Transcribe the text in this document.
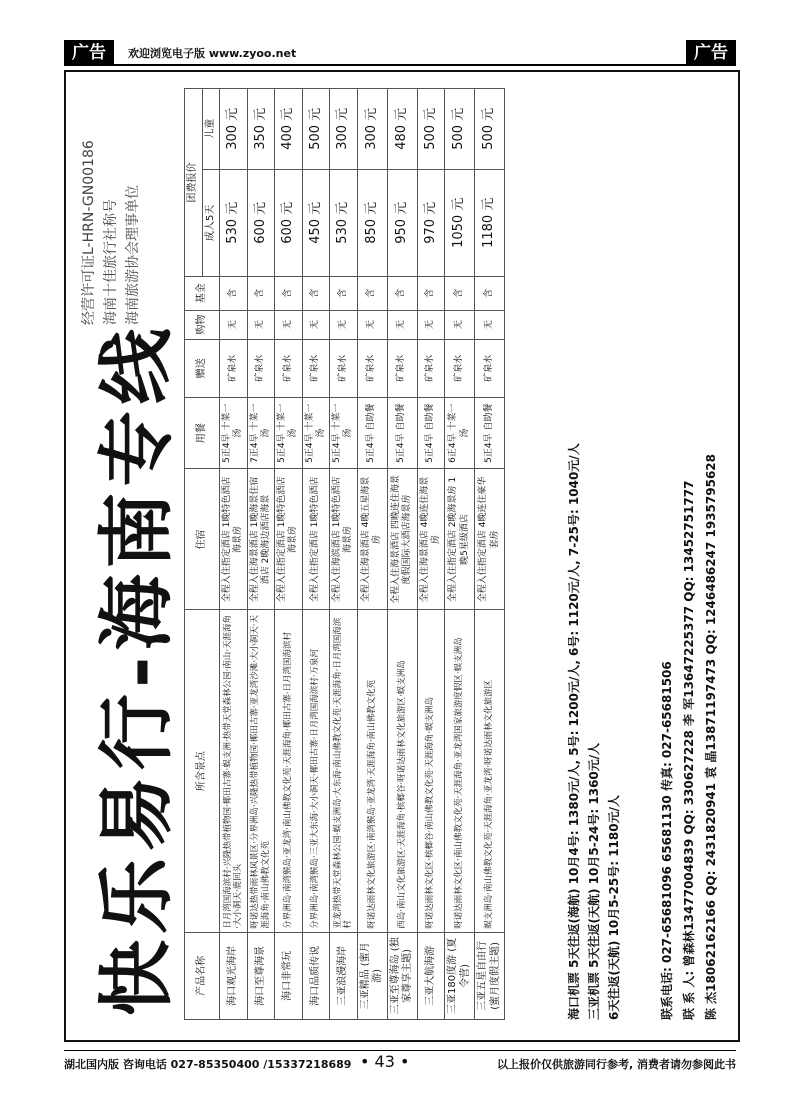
广告	欢迎浏览电子版 www.zyoo.net	广告
快乐易行-海南专线
经营许可证L-HRN-GN00186 海南十佳旅行社称号 海南旅游协会理事单位
产品名称	所含景点	住宿	用餐	赠送	购物	基金	团费报价	
							成人5天	儿童
海口观光海岸	日月湾国海滨村·兴隆热带植物园·椰田古寨·蜈支洲·热带天堂森林公园·南山·天涯海角·大小洞天·鹿回头	全程入住指定酒店 1晚特色酒店海景房	5正4早 十菜一汤	矿泉水	无	含	530 元	300 元
海口至尊海景	呀诺达热带雨林风景区·分界洲岛·兴隆热带植物园·椰田古寨·亚龙湾沙滩·大小洞天·天涯海角·南山佛教文化苑	全程入住海景酒店 1晚海景住宿酒店 2晚海边酒店海景	7正4早 十菜一汤	矿泉水	无	含	600 元	350 元
海口非常玩	分界洲岛·南湾猴岛·亚龙湾·南山佛教文化苑·天涯海角·椰田古寨·日月湾国海滨村	全程入住指定酒店 1晚特色酒店海景房	5正4早 十菜一汤	矿泉水	无	含	600 元	400 元
海口品质传说	分界洲岛·南湾猴岛·三亚大东海·大小洞天·椰田古寨·日月湾国海滨村·万泉河	全程入住指定酒店 1晚特色酒店	5正4早 十菜一汤	矿泉水	无	含	450 元	500 元
三亚浪漫海岸	亚龙湾热带天堂森林公园·蜈支洲岛·大东海·南山佛教文化苑·天涯海角·日月湾国海滨村	全程入住海滨酒店 1晚特色酒店海景房	5正4早 十菜一汤	矿泉水	无	含	530 元	300 元
三亚精品 (蜜月游)	呀诺达雨林文化旅游区·南湾猴岛·亚龙湾·天涯海角·南山佛教文化苑	全程入住海景酒店 4晚五星海景房	5正4早 自助餐	矿泉水	无	含	850 元	300 元
三亚至尊海岛 (独家尊享主题)	西岛·南山文化旅游区·天涯海角·槟榔谷·呀诺达雨林文化旅游区·蜈支洲岛	全程入住海景酒店 四晚连住海景度假国际大酒店海景房	5正4早 自助餐	矿泉水	无	含	950 元	480 元
三亚大航海游	呀诺达雨林文化区·槟榔谷·南山佛教文化苑·天涯海角·蜈支洲岛	全程入住海景酒店 4晚连住海景房	5正4早 自助餐	矿泉水	无	含	970 元	500 元
三亚180度游 (夏令营)	呀诺达雨林文化区·南山佛教文化苑·天涯海角·亚龙湾国家旅游度假区·蜈支洲岛	全程入住指定酒店 2晚海景房 1晚5星级酒店	6正4早 十菜一汤	矿泉水	无	含	1050 元	500 元
三亚五星自由行 (蜜月度假主题)	蜈支洲岛·南山佛教文化苑·天涯海角·亚龙湾·呀诺达雨林文化旅游区	全程入住指定酒店 4晚连住豪华套房	5正4早 自助餐	矿泉水	无	含	1180 元	500 元
海口机票 5天往返(海航) 10月4号: 1380元/人, 5号: 1200元/人, 6号: 1120元/人, 7-25号: 1040元/人 三亚机票 5天往返(天航) 10月5-24号: 1360元/人 6天往返(天航) 10月5-25号: 1180元/人	联系电话: 027-65681096 65681130 传真: 027-65681506 联 系 人: 曾森林13477004839 QQ: 330627228 李 军13647225377 QQ: 13452751777 陈 杰18062162166 QQ: 2431820941 袁 晶13871197473 QQ: 1246486247 1935795628
湖北国内版 咨询电话 027-85350400 /15337218689 • 43 •	以上报价仅供旅游同行参考, 消费者请勿参阅此书
